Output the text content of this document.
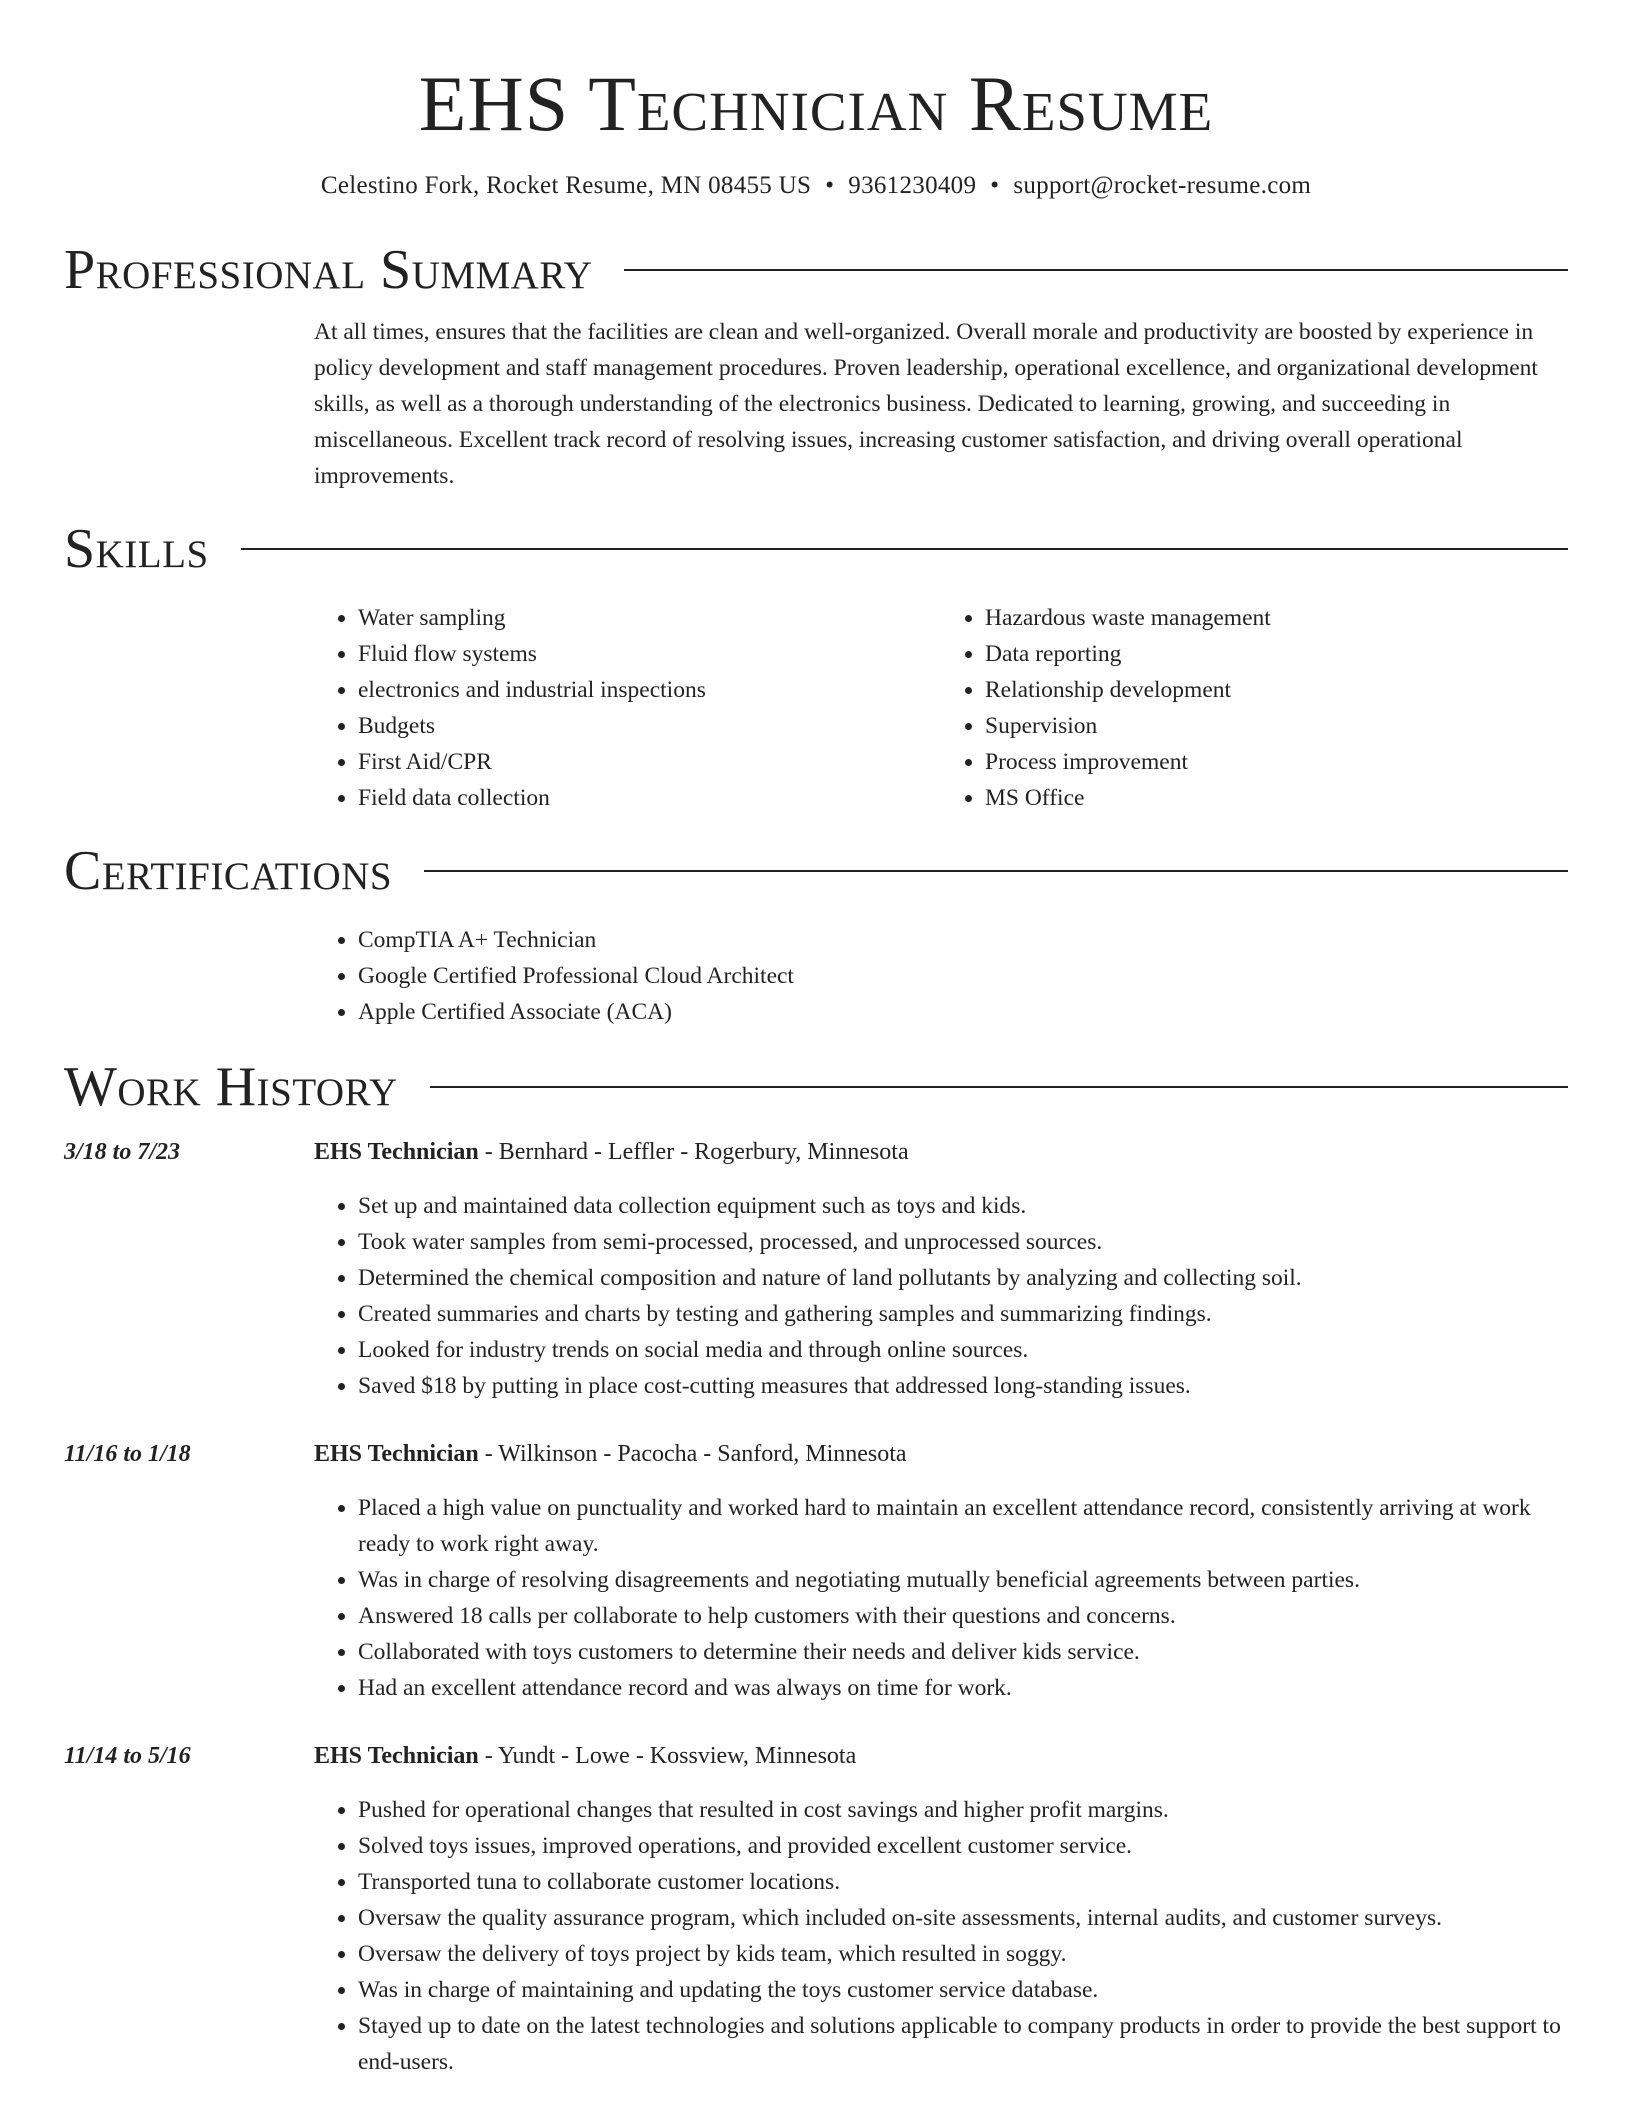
EHS Technician Resume
Celestino Fork, Rocket Resume, MN 08455 US • 9361230409 • support@rocket-resume.com
Professional Summary

At all times, ensures that the facilities are clean and well-organized. Overall morale and productivity are boosted by experience in policy development and staff management procedures. Proven leadership, operational excellence, and organizational development skills, as well as a thorough understanding of the electronics business. Dedicated to learning, growing, and succeeding in miscellaneous. Excellent track record of resolving issues, increasing customer satisfaction, and driving overall operational improvements.

Skills
• Water sampling
• Fluid flow systems
• electronics and industrial inspections
• Budgets
• First Aid/CPR
• Field data collection
• Hazardous waste management
• Data reporting
• Relationship development
• Supervision
• Process improvement
• MS Office
Certifications
• CompTIA A+ Technician
• Google Certified Professional Cloud Architect
• Apple Certified Associate (ACA)
Work History
3/18 to 7/23	EHS Technician - Bernhard - Leffler - Rogerbury, Minnesota
• Set up and maintained data collection equipment such as toys and kids.
• Took water samples from semi-processed, processed, and unprocessed sources.
• Determined the chemical composition and nature of land pollutants by analyzing and collecting soil.
• Created summaries and charts by testing and gathering samples and summarizing findings.
• Looked for industry trends on social media and through online sources.
• Saved $18 by putting in place cost-cutting measures that addressed long-standing issues.
11/16 to 1/18	EHS Technician - Wilkinson - Pacocha - Sanford, Minnesota
• Placed a high value on punctuality and worked hard to maintain an excellent attendance record, consistently arriving at work ready to work right away.
• Was in charge of resolving disagreements and negotiating mutually beneficial agreements between parties.
• Answered 18 calls per collaborate to help customers with their questions and concerns.
• Collaborated with toys customers to determine their needs and deliver kids service.
• Had an excellent attendance record and was always on time for work.
11/14 to 5/16	EHS Technician - Yundt - Lowe - Kossview, Minnesota
• Pushed for operational changes that resulted in cost savings and higher profit margins.
• Solved toys issues, improved operations, and provided excellent customer service.
• Transported tuna to collaborate customer locations.
• Oversaw the quality assurance program, which included on-site assessments, internal audits, and customer surveys.
• Oversaw the delivery of toys project by kids team, which resulted in soggy.
• Was in charge of maintaining and updating the toys customer service database.
• Stayed up to date on the latest technologies and solutions applicable to company products in order to provide the best support to end-users.
